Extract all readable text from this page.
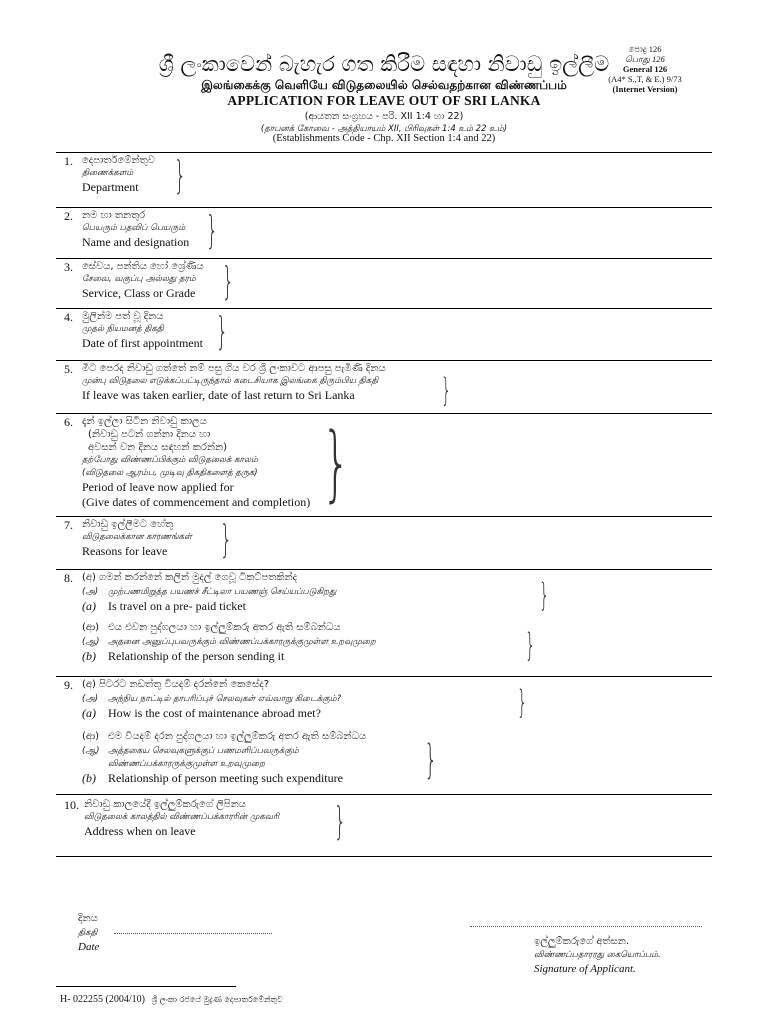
පොදු 126
பொது 126
General 126
(A4* S.,T, & E.) 9/73
(Internet Version)
ශ්‍රී ලංකාවෙන් බැහැර ගත කිරීම සඳහා නිවාඩු ඉල්ලීම
இலங்கைக்கு வெளியே விடுதலையில் செல்வதற்கான விண்ணப்பம்
APPLICATION FOR LEAVE OUT OF SRI LANKA
(ආයතන සංග්‍රහය - පරි. XII 1:4 හා 22)
(தாபனக் கோவை - அத்தியாயம் XII, பிரிவுகள் 1:4 உம் 22 உம்)
(Establishments Code - Chp. XII Section 1:4 and 22)
1. දෙපාර්තමේන්තුව
திணைக்களம்
Department }
2. නම හා තනතුර
பெயரும் பதவிப் பெயரும்
Name and designation }
3. සේවය, පන්තිය හෝ ශ්‍රේණිය
சேவை, வகுப்பு அல்லது தரம்
Service, Class or Grade }
4. මුලින්ම පත් වූ දිනය
முதல் நியமனத் திகதி
Date of first appointment }
5. මීට පෙරද නිවාඩු ගත්තේ නම් පසු ගිය වර ශ්‍රී ලංකාවට ආපසු පැමිණි දිනය
முன்பு விடுதலை எடுக்கப்பட்டிருந்தால் கடைசியாக இலங்கை திரும்பிய திகதி
If leave was taken earlier, date of last return to Sri Lanka	}
6. දැන් ඉල්ලා සිටින නිවාඩු කාලය
(නිවාඩු පටන් ගන්නා දිනය හා
අවසන් වන දිනය සඳහන් කරන්න)
தற்போது விண்ணப்பிக்கும் விடுதலைக் காலம்
(விடுதலை ஆரம்ப, முடிவு திகதிகளைத் தருக)
Period of leave now applied for
(Give dates of commencement and completion) }
7. නිවාඩු ඉල්ලීමට හේතු
விடுதலைக்கான காரணங்கள்
Reasons for leave	}
8. (අ) ගමන් කරන්නේ කලින් මුදල් ගෙවූ ටිකට්පතකින්ද
(அ) முற்பணமிறுத்த பயணச் சீட்டிலா பயணஞ் செய்யப்படுகிறது
(a) Is travel on a pre- paid ticket	}
(ආ) එය එවන පුද්ගලයා හා ඉල්ලුම්කරු අතර ඇති සම්බන්ධය
(ஆ) அதனை அனுப்புபவருக்கும் விண்ணப்பக்காரருக்குமுள்ள உறவுமுறை
(b) Relationship of the person sending it	}
9. (අ) පිටරට නඩත්තු වියදම් දරන්නේ කෙසේද?
(அ) அந்நிய நாட்டில் தாபரிப்புச் செலவுகள் எவ்வாறு கிடைக்கும்?
(a) How is the cost of maintenance abroad met?	}
(ආ) එම වියදම් දරන පුද්ගලයා හා ඉල්ලුම්කරු අතර ඇති සම්බන්ධය
(ஆ) அத்தகைய செலவுகளுக்குப் பணமளிப்பவருக்கும்
விண்ணப்பக்காரருக்குமுள்ள உறவுமுறை
(b) Relationship of person meeting such expenditure	}
10. නිවාඩු කාලයේදී ඉල්ලුම්කරුගේ ලිපිනය
விடுதலைக் காலத்தில் விண்ணப்பக்காரரின் முகவரி
Address when on leave	}
දිනය
திகதி
Date	ඉල්ලුම්කරුගේ අත්සන.
விண்ணப்பதாரரது கையொப்பம்.
Signature of Applicant.
H- 022255 (2004/10) ශ්‍රී ලංකා රජයේ මුද්‍රණ දෙපාර්තමේන්තුව
